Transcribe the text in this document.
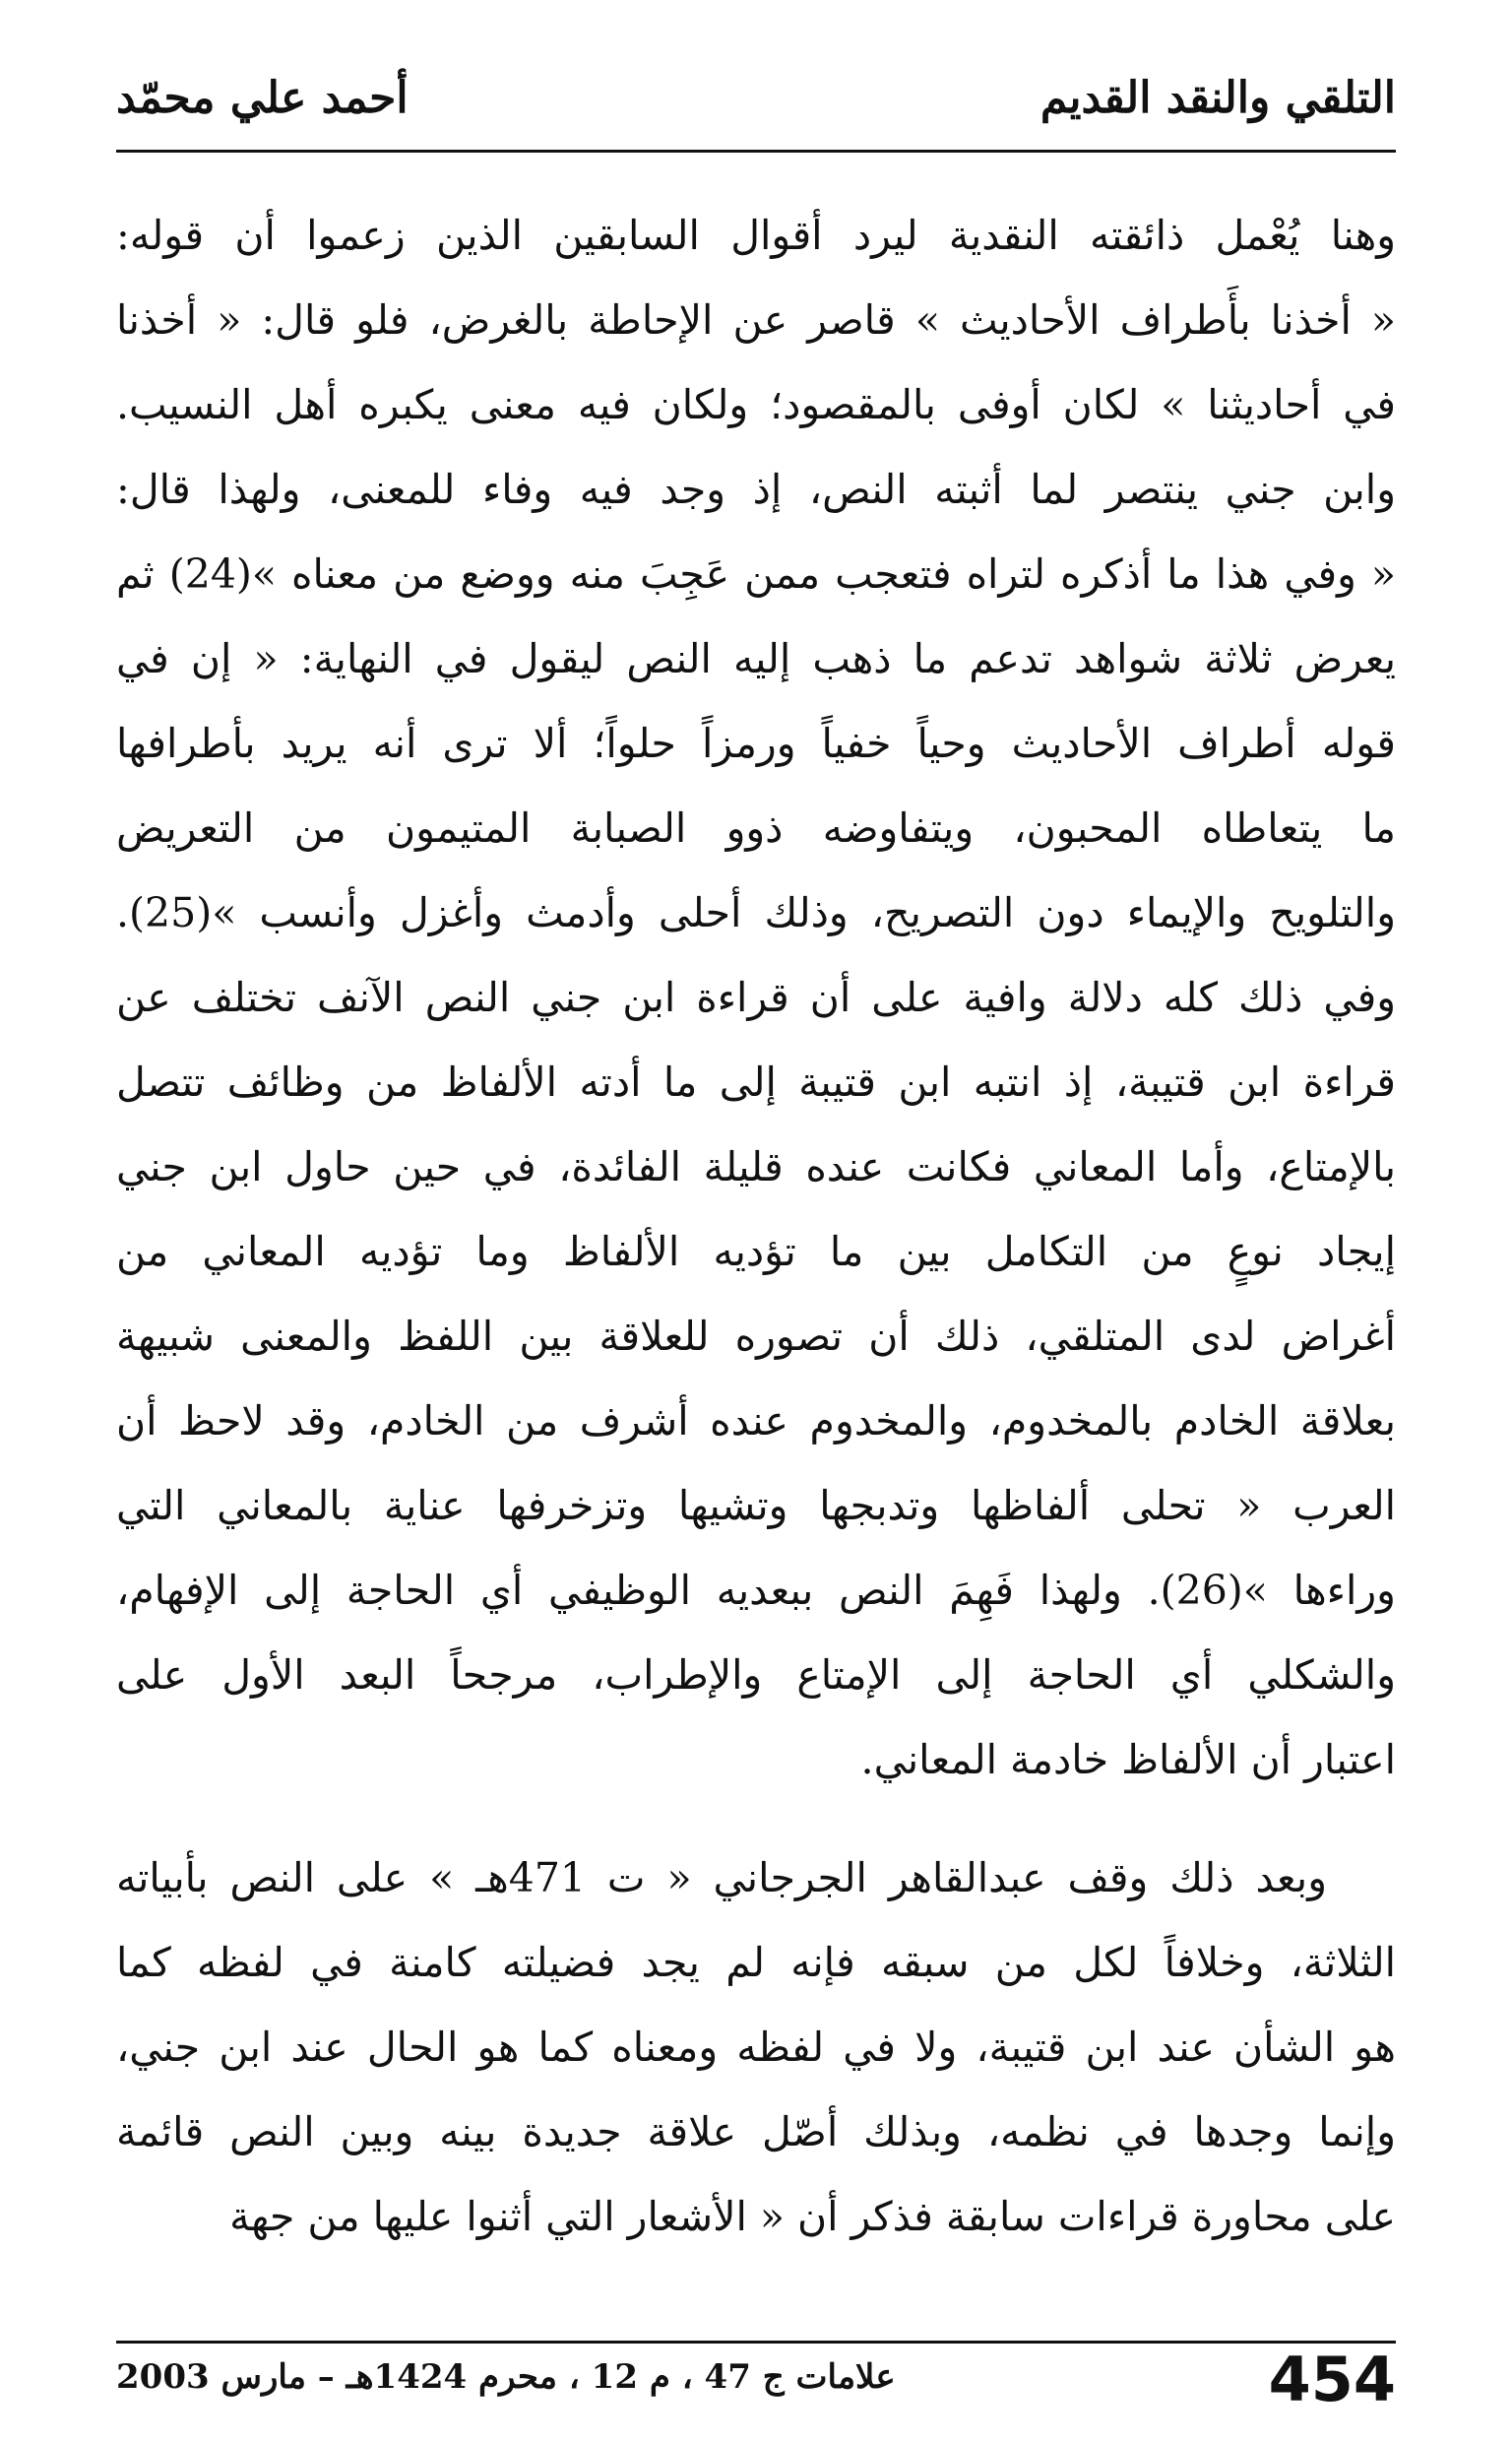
التلقي والنقد القديم
أحمد علي محمّد
وهنا يُعْمل ذائقته النقدية ليرد أقوال السابقين الذين زعموا أن قوله:
« أخذنا بأَطراف الأحاديث » قاصر عن الإحاطة بالغرض، فلو قال: « أخذنا
في أحاديثنا » لكان أوفى بالمقصود؛ ولكان فيه معنى يكبره أهل النسيب.
وابن جني ينتصر لما أثبته النص، إذ وجد فيه وفاء للمعنى، ولهذا قال:
« وفي هذا ما أذكره لتراه فتعجب ممن عَجِبَ منه ووضع من معناه »(24) ثم
يعرض ثلاثة شواهد تدعم ما ذهب إليه النص ليقول في النهاية: « إن في
قوله أطراف الأحاديث وحياً خفياً ورمزاً حلواً؛ ألا ترى أنه يريد بأطرافها
ما يتعاطاه المحبون، ويتفاوضه ذوو الصبابة المتيمون من التعريض
والتلويح والإيماء دون التصريح، وذلك أحلى وأدمث وأغزل وأنسب »(25).
وفي ذلك كله دلالة وافية على أن قراءة ابن جني النص الآنف تختلف عن
قراءة ابن قتيبة، إذ انتبه ابن قتيبة إلى ما أدته الألفاظ من وظائف تتصل
بالإمتاع، وأما المعاني فكانت عنده قليلة الفائدة، في حين حاول ابن جني
إيجاد نوعٍ من التكامل بين ما تؤديه الألفاظ وما تؤديه المعاني من
أغراض لدى المتلقي، ذلك أن تصوره للعلاقة بين اللفظ والمعنى شبيهة
بعلاقة الخادم بالمخدوم، والمخدوم عنده أشرف من الخادم، وقد لاحظ أن
العرب « تحلى ألفاظها وتدبجها وتشيها وتزخرفها عناية بالمعاني التي
وراءها »(26). ولهذا فَهِمَ النص ببعديه الوظيفي أي الحاجة إلى الإفهام،
والشكلي أي الحاجة إلى الإمتاع والإطراب، مرجحاً البعد الأول على
اعتبار أن الألفاظ خادمة المعاني.
وبعد ذلك وقف عبدالقاهر الجرجاني « ت 471هـ » على النص بأبياته
الثلاثة، وخلافاً لكل من سبقه فإنه لم يجد فضيلته كامنة في لفظه كما
هو الشأن عند ابن قتيبة، ولا في لفظه ومعناه كما هو الحال عند ابن جني،
وإنما وجدها في نظمه، وبذلك أصّل علاقة جديدة بينه وبين النص قائمة
على محاورة قراءات سابقة فذكر أن « الأشعار التي أثنوا عليها من جهة
علامات ج 47 ، م 12 ، محرم 1424هـ – مارس 2003	454
